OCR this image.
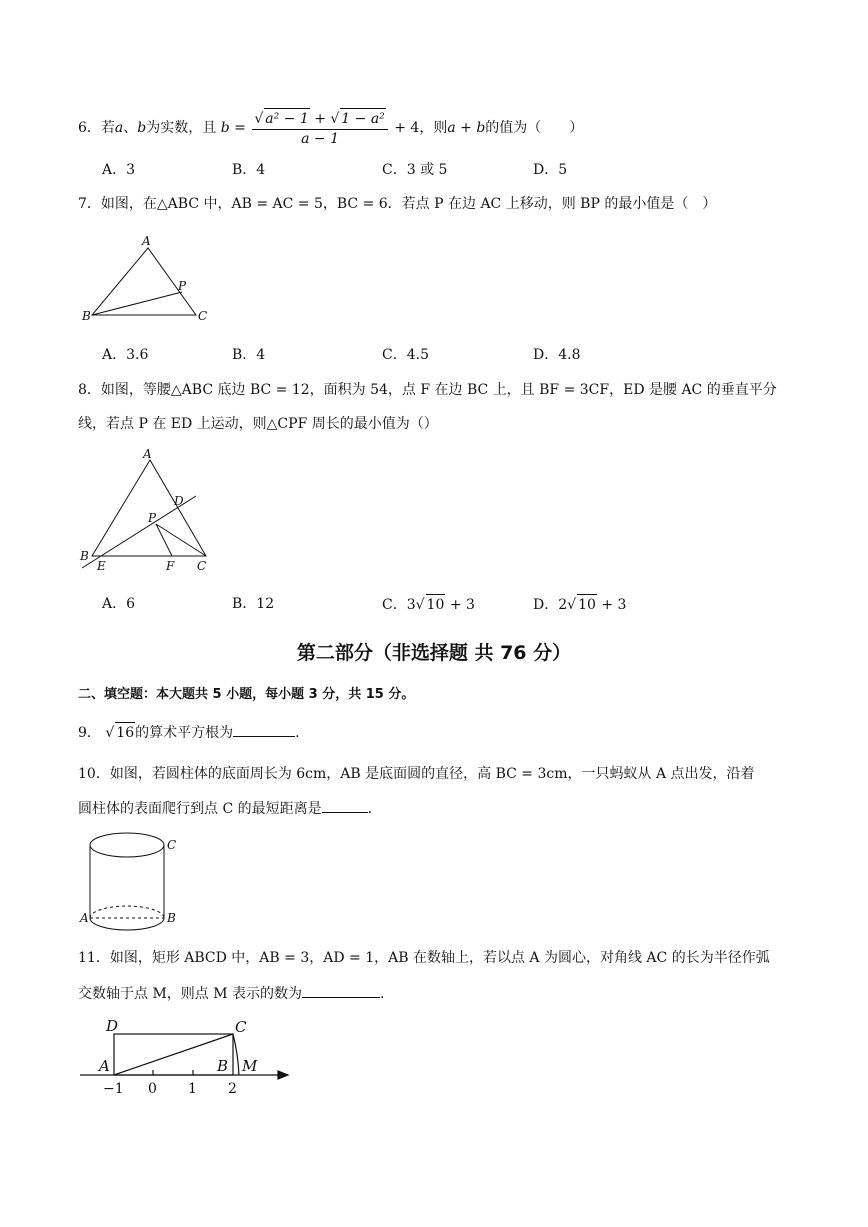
6．若a、b为实数，且 $b = \frac{\text{√ a² − 1 + √ 1 − a²}}{a - 1} + 4$，则a + b的值为（　　）
A．3	B．4	C．3 或 5	D．5
7．如图，在△ABC 中，AB = AC = 5，BC = 6．若点 P 在边 AC 上移动，则 BP 的最小值是（　）
A
P
B	C
A．3.6	B．4	C．4.5	D．4.8
8．如图，等腰△ABC 底边 BC = 12，面积为 54，点 F 在边 BC 上，且 BF = 3CF，ED 是腰 AC 的垂直平分
线，若点 P 在 ED 上运动，则△CPF 周长的最小值为（）
A
D
P
B
E	F C
A．6	B．12	C．3√ 10 + 3	D．2√ 10 + 3
第二部分（非选择题 共 76 分）
二、填空题：本大题共 5 小题，每小题 3 分，共 15 分。
9． √ 16的算术平方根为	.
10．如图，若圆柱体的底面周长为 6cm，AB 是底面圆的直径，高 BC = 3cm，一只蚂蚁从 A 点出发，沿着
圆柱体的表面爬行到点 C 的最短距离是	.
C
A	B
11．如图，矩形 ABCD 中，AB = 3，AD = 1，AB 在数轴上，若以点 A 为圆心，对角线 AC 的长为半径作弧
交数轴于点 M，则点 M 表示的数为	.
D	C
A	B M
−1 0 1 2
